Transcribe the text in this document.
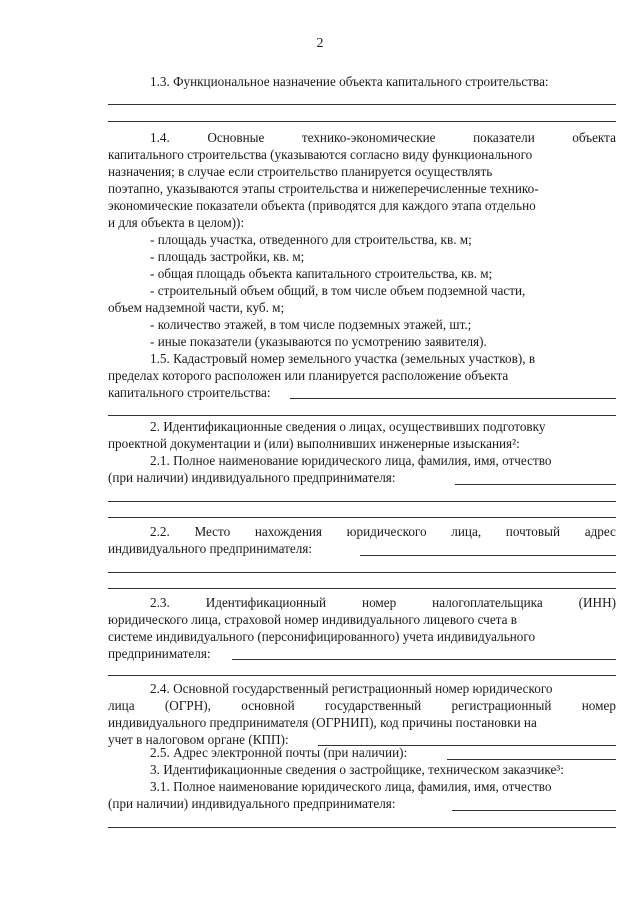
2
1.3. Функциональное назначение объекта капитального строительства:
1.4.	Основные	технико-экономические	показатели	объекта
капитального строительства (указываются согласно виду функционального
назначения; в случае если строительство планируется осуществлять
поэтапно, указываются этапы строительства и нижеперечисленные технико-
экономические показатели объекта (приводятся для каждого этапа отдельно
и для объекта в целом)):
- площадь участка, отведенного для строительства, кв. м;
- площадь застройки, кв. м;
- общая площадь объекта капитального строительства, кв. м;
- строительный объем общий, в том числе объем подземной части,
объем надземной части, куб. м;
- количество этажей, в том числе подземных этажей, шт.;
- иные показатели (указываются по усмотрению заявителя).
1.5. Кадастровый номер земельного участка (земельных участков), в
пределах которого расположен или планируется расположение объекта
капитального строительства:
2. Идентификационные сведения о лицах, осуществивших подготовку
проектной документации и (или) выполнивших инженерные изыскания²:
2.1. Полное наименование юридического лица, фамилия, имя, отчество
(при наличии) индивидуального предпринимателя:
2.2. Место нахождения юридического лица, почтовый адрес
индивидуального предпринимателя:
2.3.	Идентификационный	номер	налогоплательщика	(ИНН)
юридического лица, страховой номер индивидуального лицевого счета в
системе индивидуального (персонифицированного) учета индивидуального
предпринимателя:
2.4. Основной государственный регистрационный номер юридического
лица (ОГРН), основной государственный регистрационный номер
индивидуального предпринимателя (ОГРНИП), код причины постановки на
учет в налоговом органе (КПП):
2.5. Адрес электронной почты (при наличии):
3. Идентификационные сведения о застройщике, техническом заказчике³:
3.1. Полное наименование юридического лица, фамилия, имя, отчество
(при наличии) индивидуального предпринимателя:
